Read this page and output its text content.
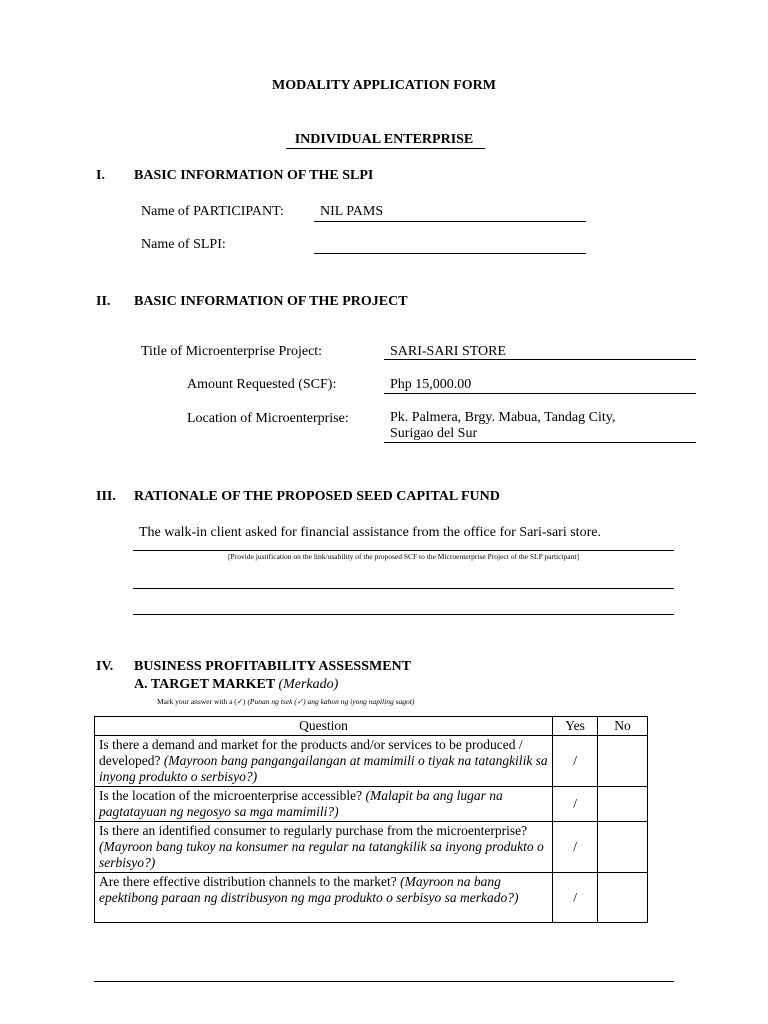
MODALITY APPLICATION FORM
INDIVIDUAL ENTERPRISE
I. BASIC INFORMATION OF THE SLPI
Name of PARTICIPANT:	NIL PAMS
Name of SLPI:
II. BASIC INFORMATION OF THE PROJECT
Title of Microenterprise Project:	SARI-SARI STORE
Amount Requested (SCF):	Php 15,000.00
Location of Microenterprise:	Pk. Palmera, Brgy. Mabua, Tandag City,
Surigao del Sur
III. RATIONALE OF THE PROPOSED SEED CAPITAL FUND
The walk-in client asked for financial assistance from the office for Sari-sari store.
[Provide justification on the link/usability of the proposed SCF to the Microenterprise Project of the SLP participant]
IV. BUSINESS PROFITABILITY ASSESSMENT
A. TARGET MARKET (Merkado)
Mark your answer with a (✓) (Punan ng tsek (✓) ang kahon ng iyong napiling sagot)
Question	Yes	No
Is there a demand and market for the products and/or services to be produced / developed? (Mayroon bang pangangailangan at mamimili o tiyak na tatangkilik sa inyong produkto o serbisyo?)	/	
Is the location of the microenterprise accessible? (Malapit ba ang lugar na pagtatayuan ng negosyo sa mga mamimili?)	/	
Is there an identified consumer to regularly purchase from the microenterprise? (Mayroon bang tukoy na konsumer na regular na tatangkilik sa inyong produkto o serbisyo?)	/	
Are there effective distribution channels to the market? (Mayroon na bang epektibong paraan ng distribusyon ng mga produkto o serbisyo sa merkado?)	/	
